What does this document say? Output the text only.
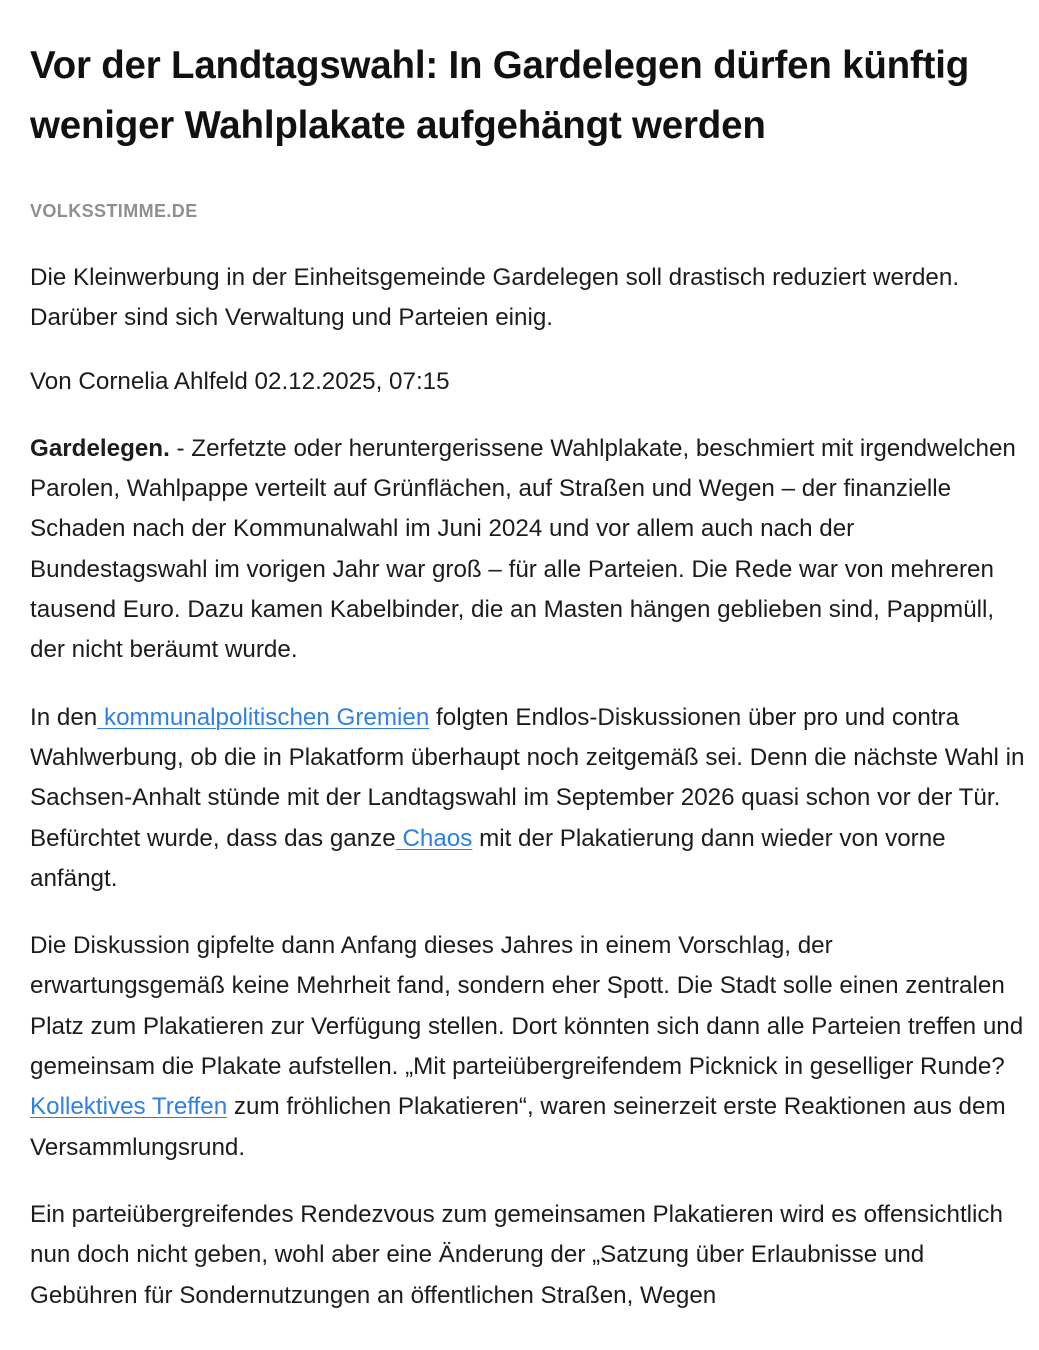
Vor der Landtagswahl: In Gardelegen dürfen künftig weniger Wahlplakate aufgehängt werden
VOLKSSTIMME.DE

Die Kleinwerbung in der Einheitsgemeinde Gardelegen soll drastisch reduziert werden. Darüber sind sich Verwaltung und Parteien einig.

Von Cornelia Ahlfeld 02.12.2025, 07:15

Gardelegen. - Zerfetzte oder heruntergerissene Wahlplakate, beschmiert mit irgendwelchen Parolen, Wahlpappe verteilt auf Grünflächen, auf Straßen und Wegen – der finanzielle Schaden nach der Kommunalwahl im Juni 2024 und vor allem auch nach der Bundestagswahl im vorigen Jahr war groß – für alle Parteien. Die Rede war von mehreren tausend Euro. Dazu kamen Kabelbinder, die an Masten hängen geblieben sind, Pappmüll, der nicht beräumt wurde.

In den kommunalpolitischen Gremien folgten Endlos-Diskussionen über pro und contra Wahlwerbung, ob die in Plakatform überhaupt noch zeitgemäß sei. Denn die nächste Wahl in Sachsen-Anhalt stünde mit der Landtagswahl im September 2026 quasi schon vor der Tür. Befürchtet wurde, dass das ganze Chaos mit der Plakatierung dann wieder von vorne anfängt.

Die Diskussion gipfelte dann Anfang dieses Jahres in einem Vorschlag, der erwartungsgemäß keine Mehrheit fand, sondern eher Spott. Die Stadt solle einen zentralen Platz zum Plakatieren zur Verfügung stellen. Dort könnten sich dann alle Parteien treffen und gemeinsam die Plakate aufstellen. „Mit parteiübergreifendem Picknick in geselliger Runde? Kollektives Treffen zum fröhlichen Plakatieren“, waren seinerzeit erste Reaktionen aus dem Versammlungsrund.

Ein parteiübergreifendes Rendezvous zum gemeinsamen Plakatieren wird es offensichtlich nun doch nicht geben, wohl aber eine Änderung der „Satzung über Erlaubnisse und Gebühren für Sondernutzungen an öffentlichen Straßen, Wegen
